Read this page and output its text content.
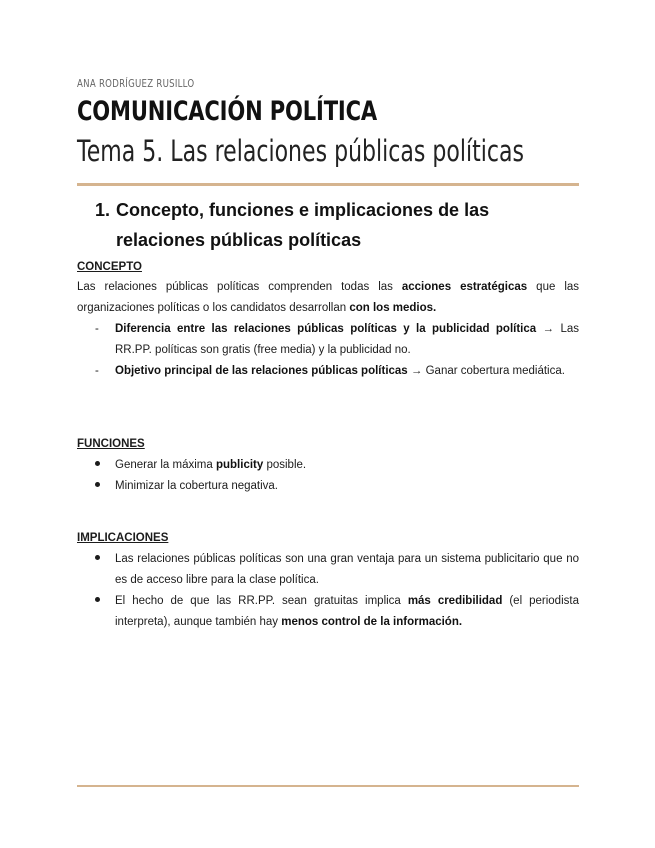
ANA RODRÍGUEZ RUSILLO
COMUNICACIÓN POLÍTICA
Tema 5. Las relaciones públicas políticas
1. Concepto, funciones e implicaciones de las relaciones públicas políticas

CONCEPTO

Las relaciones públicas políticas comprenden todas las acciones estratégicas que las organizaciones políticas o los candidatos desarrollan con los medios.

-	Diferencia entre las relaciones públicas políticas y la publicidad política → Las RR.PP. políticas son gratis (free media) y la publicidad no.
-	Objetivo principal de las relaciones públicas políticas → Ganar cobertura mediática.

FUNCIONES

Generar la máxima publicity posible.
Minimizar la cobertura negativa.

IMPLICACIONES

Las relaciones públicas políticas son una gran ventaja para un sistema publicitario que no es de acceso libre para la clase política.
El hecho de que las RR.PP. sean gratuitas implica más credibilidad (el periodista interpreta), aunque también hay menos control de la información.
